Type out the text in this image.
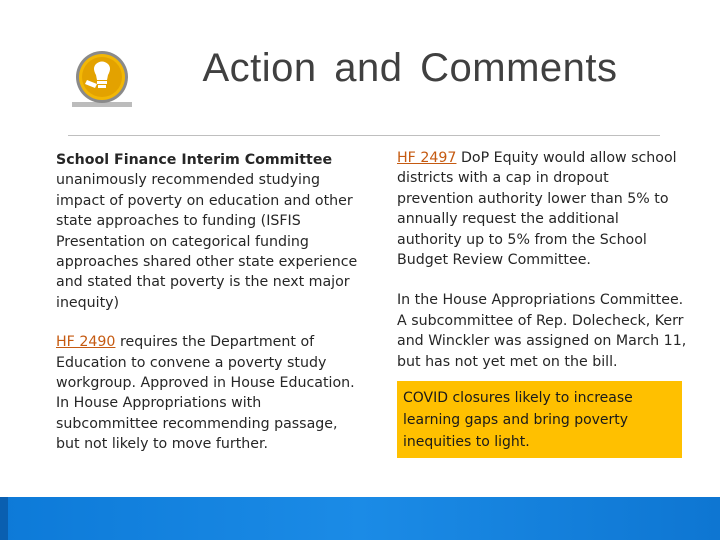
Action and Comments

School Finance Interim Committee unanimously recommended studying impact of poverty on education and other state approaches to funding (ISFIS Presentation on categorical funding approaches shared other state experience and stated that poverty is the next major inequity)

HF 2490 requires the Department of Education to convene a poverty study workgroup. Approved in House Education. In House Appropriations with subcommittee recommending passage, but not likely to move further.

HF 2497 DoP Equity would allow school districts with a cap in dropout prevention authority lower than 5% to annually request the additional authority up to 5% from the School Budget Review Committee.

In the House Appropriations Committee. A subcommittee of Rep. Dolecheck, Kerr and Winckler was assigned on March 11, but has not yet met on the bill.

COVID closures likely to increase learning gaps and bring poverty inequities to light.
